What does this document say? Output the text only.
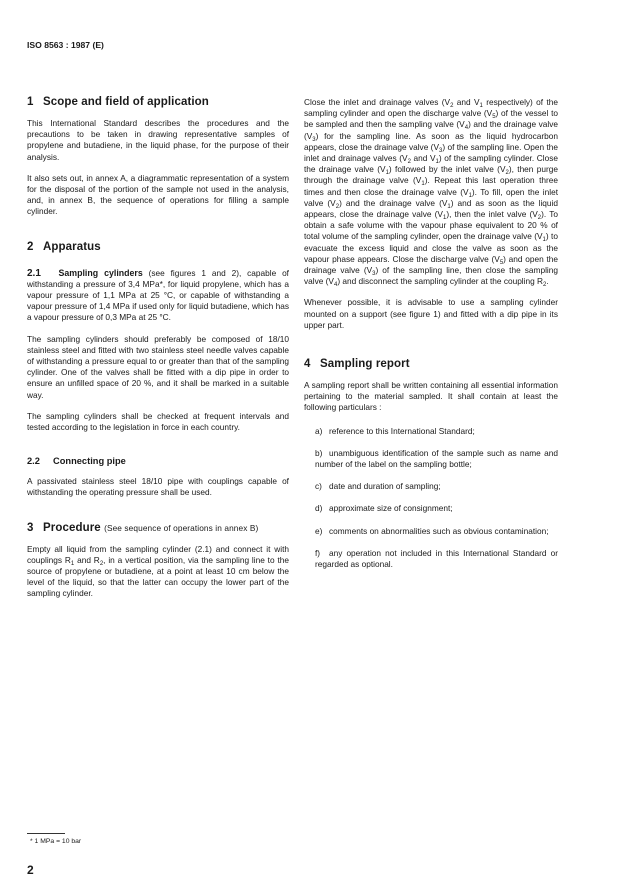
ISO 8563 : 1987 (E)

1 Scope and field of application

This International Standard describes the procedures and the precautions to be taken in drawing representative samples of propylene and butadiene, in the liquid phase, for the purpose of their analysis.

It also sets out, in annex A, a diagrammatic representation of a system for the disposal of the portion of the sample not used in the analysis, and, in annex B, the sequence of operations for filling a sample cylinder.

2 Apparatus

2.1 Sampling cylinders (see figures 1 and 2), capable of withstanding a pressure of 3,4 MPa*, for liquid propylene, which has a vapour pressure of 1,1 MPa at 25 °C, or capable of withstanding a vapour pressure of 1,4 MPa if used only for liquid butadiene, which has a vapour pressure of 0,3 MPa at 25 °C.

The sampling cylinders should preferably be composed of 18/10 stainless steel and fitted with two stainless steel needle valves capable of withstanding a pressure equal to or greater than that of the sampling cylinder. One of the valves shall be fitted with a dip pipe in order to ensure an unfilled space of 20 %, and it shall be marked in a suitable way.

The sampling cylinders shall be checked at frequent intervals and tested according to the legislation in force in each country.

2.2 Connecting pipe

A passivated stainless steel 18/10 pipe with couplings capable of withstanding the operating pressure shall be used.

3 Procedure (See sequence of operations in annex B)

Empty all liquid from the sampling cylinder (2.1) and connect it with couplings $R_1$ and $R_2$, in a vertical position, via the sampling line to the source of propylene or butadiene, at a point at least 10 cm below the level of the liquid, so that the latter can occupy the lower part of the sampling cylinder.

Close the inlet and drainage valves ($V_2$ and $V_1$ respectively) of the sampling cylinder and open the discharge valve $(V_5)$ of the vessel to be sampled and then the sampling valve $(V_4)$ and the drainage valve $(V_3)$ for the sampling line. As soon as the liquid hydrocarbon appears, close the drainage valve $(V_3)$ of the sampling line. Open the inlet and drainage valves ($V_2$ and $V_1$) of the sampling cylinder. Close the drainage valve $(V_1)$ followed by the inlet valve $(V_2)$, then purge through the drainage valve $(V_1)$. Repeat this last operation three times and then close the drainage valve $(V_1)$. To fill, open the inlet valve $(V_2)$ and the drainage valve $(V_1)$ and as soon as the liquid appears, close the drainage valve $(V_1)$, then the inlet valve $(V_2)$. To obtain a safe volume with the vapour phase equivalent to 20 % of total volume of the sampling cylinder, open the drainage valve $(V_1)$ to evacuate the excess liquid and close the valve as soon as the vapour phase appears. Close the discharge valve $(V_5)$ and open the drainage valve $(V_3)$ of the sampling line, then close the sampling valve $(V_4)$ and disconnect the sampling cylinder at the coupling $R_2$.

Whenever possible, it is advisable to use a sampling cylinder mounted on a support (see figure 1) and fitted with a dip pipe in its upper part.

4 Sampling report

A sampling report shall be written containing all essential information pertaining to the material sampled. It shall contain at least the following particulars :

a) reference to this International Standard;

b) unambiguous identification of the sample such as name and number of the label on the sampling bottle;

c) date and duration of sampling;

d) approximate size of consignment;

e) comments on abnormalities such as obvious contamination;

f) any operation not included in this International Standard or regarded as optional.

* 1 MPa = 10 bar
2
